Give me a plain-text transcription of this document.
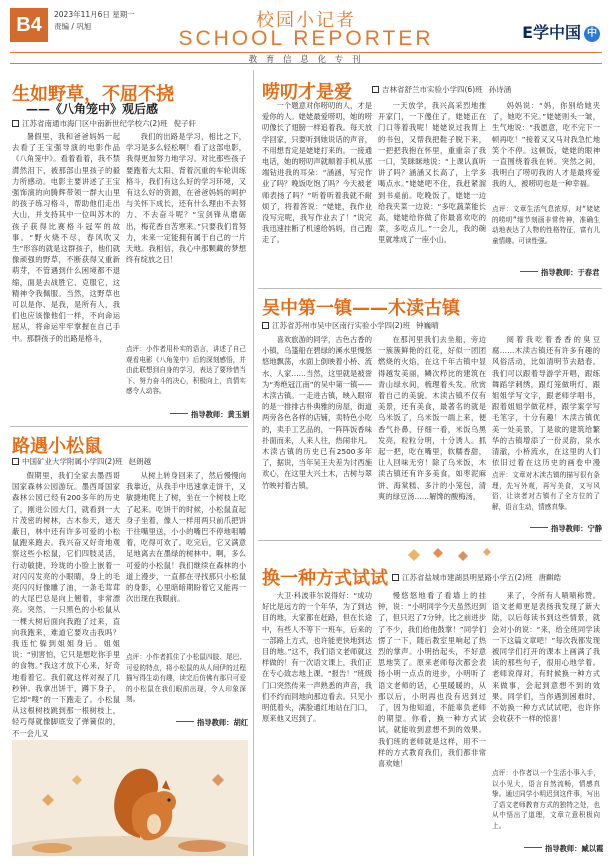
B4	2023年11月6日 星期一
责编 / 巩旭	校园小记者
SCHOOL REPORTER	E学中国 中
教 育 信 息 化 专 刊
生如野草，不屈不挠
——《八角笼中》观后感
江苏省南通市海门区中南新世纪学校六(2)班 倪子轩

暑假里，我和爸爸妈妈一起去看了王宝强导演的电影作品《八角笼中》。看着看着，我不禁潸然泪下，被那部山里孩子的毅力所感动。电影主要讲述了王宝强饰演的向腾辉带领一群大山里的孩子练习格斗，帮助他们走出大山，并支持其中一位叫苏木的孩子获得比赛格斗冠军的故事。“野火烧不尽，春风吹又生”形容的就是这群孩子，他们就像顽强的野草，不断获得又重新萌芽，不管遇到什么困境都不退缩，面是去战胜它、克服它，这精神令我佩服。当然，这野草也可以是你、是我，是所有人，我们也应该像他们一样，不向命运屈从，将命运牢牢掌握在自己手中。那群孩子的出路是格斗，

我们的出路是学习，相比之下，学习是多么轻松啊！看了这部电影，我得更加努力地学习。对比那些孩子要跑着大太阳、背着沉重的车轮训练格斗，我们有这么好的学习环境，又有这么好的资源，在爸爸妈妈的呵护与关怀下成长，还有什么理由不去努力、不去奋斗呢？“宝剑锋从磨砺出，梅花香自苦寒来。”只要我们肯努力，未来一定能拥有属于自己的一片天地。我相信，我心中那颗藏的梦想终有绽放之日！

点评：小作者用朴实的语言，讲述了自己观看电影《八角笼中》后的深刻感悟，并由此联想到自身的学习，表达了要珍惜当下、努力奋斗的决心，积极向上，真情实感令人动容。

指导教师：黄玉娟
路遇小松鼠
中国矿业大学附属小学四(2)班 赵朗越

假期里，我们全家去墨西哥国家森林公园游玩。墨西哥国家森林公园已经有200多年的历史了，刚进公园大门，就看到一大片茂密的树林，古木参天，遮天蔽日，林中还有许多可爱的小松鼠跑来跑去。我兴奋又好奇地观察这些小松鼠，它们四肢灵活，行动敏捷，玲珑的小脸上嵌着一对闪闪发亮的小眼睛，身上的毛亮闪闪好像雕了油，一条毛茸茸的大尾巴总是向上翘着，非常漂亮。突然，一只黑色的小松鼠从一棵大树后面向我跑了过来，直向我跑来，难道它要攻击我吗？我连忙躲到姐姐身后。姐姐说：“别害怕，它只是想吃你手里的食物。”我这才放下心来，好奇地看着它。我们就这样对视了几秒钟。我拿出饼干，蹲下身子，它却“嗖”的一下跑走了。小松鼠从这根树枝跳到那一根树枝上，轻巧得就像脚底安了弹簧似的，不一会儿又

从树上转身回来了，然后慢慢向我靠近，从我手中迅速拿走饼干，又敏捷地爬上了树，坐在一个树枝上吃了起来。吃饼干的时候，小松鼠直起身子坐着，像人一样用两只前爪把饼干往嘴里送，小小的嘴巴不停地咀嚼着，吃得可欢了。吃完后，它又满意足地离去在墨绿的树林中。啊，多么可爱的小松鼠！我们继续在森林的小道上漫步，一直都在寻找那只小松鼠的身影，心里暗暗期盼着它又能再一次出现在我眼前。

点评：小作者抓住了小松鼠四肢、尾巴、可爱的特点，将小松鼠的从人间伊的过程描写得生动有趣，读完后仿佛有那只可爱的小松鼠在我们眼前出现，令人印象深刻。

指导教师：胡红
唠叨才是爱	吉林省舒兰市实验小学四(6)班 孙诗涵

一个题意对你唠叨的人，才是爱你的人。姥姥最爱唠叨，她的唠叨像长了翅膀一样追着我。每天放学回家，只要听到她说话的声音，不用想肯定是姥姥打来的。一接通电话，她的唠叨声就顺着手机从那端钻进我的耳朵：“涵涵，写完作业了吗？晚饭吃饱了吗？今天被老师表扬了吗？”听着听着我就不耐烦了，将着答说：“姥姥，我作业没写完呢，我写作业去了！”说完我迅速挂断了机速给妈妈，自己跑走了。

一天放学，我兴高采烈地推开家门，一下傻住了，姥姥正在门口等着我呢！姥姥说过我胃上的书包，又帮我把鞋子脱下来，一把把我抱在怀里，重重亲了我一口，笑眯眯地说：“上课认真听讲了吗？涵涵又长高了，上学多喝点水。”姥姥吧不住，我赶紧溜到书桌前。吃晚饭了，姥姥一边给我夹菜一边说：“多吃蔬菜能长高，姥姥给你做了你最喜欢吃的菜，多吃点儿。”一会儿，我的碗里就堆成了一座小山。

妈妈说：“妈，你别给她夹了，她吃不完。”姥姥则头一皱，生气地说：“我愿意，吃不完下一顿再吃！”接着又又马对我急忙地笑个不停。这顿饭，姥姥的眼神一直围绕着我在转。突然之间，我明白了唠叨我的人才是最疼爱我的人，被唠叨也是一种幸福。

点评：文章生活气息浓厚，对“姥姥的唠叨”细节刻画非常传神，准确生动地表达了人物的性格特征，富有儿童情趣。可读性强。

指导教师：于春君
吴中第一镇——木渎古镇
江苏省苏州市吴中区南行实验小学四(2)班 钟巍晴

喜欢旅游的同学，古色古香的小镇，乌篷船在碧绿的溪水里慢悠悠地飘荡，水面上倒映着小桥、流水、人家……当然，这里就是被誉为“秀绝冠江南”的吴中第一镇——木渎古镇。一走进古镇，映入眼帘的是一排排古朴典雅的房屋，街道两旁各色各样的店铺，卖特色小吃的，卖手工艺品的，一阵阵饭香味扑面而来，人来人往，热闹非凡。木渎古镇的历史已有2500多年了，据说，当年吴王夫差为讨西施欢心，在这里大兴土木，古树与翠竹映衬着古镇，

在那河里我们去坐船，旁边一簇簇鲜艳的红花，好似一团团燃烧的火焰，在这千年古镇中显得越发美丽，鳞次栉比的建筑在青山绿水间，梳理着头发。欣赏着自己的美貌。木渎古镇不仅有美景，还有美食，最著名的就是乌米饭了，乌米饭一端上来，便香气扑鼻，仔细一看，米饭乌黑发亮，粒粒分明，十分诱人。抓起一把，吃在嘴里，软糯香甜，让人回味无穷！除了乌米饭，木渎古镇还有许多美食，如枣泥麻饼、海棠糕、多汁的小笼包，清爽的绿豆汤……解馋的酸梅汤，

阅着我吃着香香的臭豆腐……木渎古镇还有许多有趣的风俗活动，比如清明节去踏春。我们可以跟着导游学开唱，跟练舞蹈学刺绣，跟灯笼做明灯，跟姐姐学写文字，跟老师学唱书，跟着姐姐学做花样，跟学案学写毛笔字，十分有趣！木渎古镇优美一处美景，丁是欲的建筑给繁华的古镇增添了一份灵韵，泉水清澈，小桥流水，在这里的人们依旧过着在这历史的画卷中漫

点评：文章对木渎古镇的描写很有条理，先写外观，再写美食，又写风俗，让读者对古镇有了全方位的了解，语言生动，情感真挚。

指导教师：宁静
换一种方式试试	江苏省盐城市建湖县明星路小学五(2)班 唐麒皓

大卫·科波菲尔说得好：“成功好比是远方的一个年华，为了到达目的地，大家都在赶路，但在长途中，有些人不等下一班车，后来的一部路上方式，也许能更快地到达目的地。”这不，我们语文老师就这样做的！有一次语文课上，我们正在专心致志地上课。“报告！”班级门口突然传来一声熟悉的声音，我们不约而同地向那边看去。只见小明低着头，满脸通红地站在门口，原来他又迟到了。

慢悠悠地看了看墙上的挂钟，说：“小明同学今天虽然迟到了，但只迟了7分钟，比之前进步了不少，我们给他鼓掌！”同学们愣了一下，随后教室里响起了热烈的掌声。小明抬起头，不好意思地笑了。原来老师每次都会表扬小明一点点的进步，小明听了语文老师的话，心里暖暖的，从那以后，小明再也没有迟到过了，因为他知道，不能辜负老师的期望。你看，换一种方式试试，就能收到意想不到的效果。我们班的老师就是这样，用不一样的方式教育我们，我们都非常喜欢她！

来了，令所有人啧啧称赞。语文老师更是表扬我发现了新大陆，以后每读书到这些情景，就会对小的说：“来，给全班同学读一下这篇文章吧！”每次我都发现被同学们打开的课本上画满了我读的那些句子，很用心地学着。老师说得对，有时候换一种方式来做事，会起到意想不到的效果。同学们，当你遇到困难时，不妨换一种方式试试吧，也许你会收获不一样的惊喜！

点评：小作者以一个生活小事入手，以小见大，语言自然流畅，情感真挚。通过同学小明迟到这件事，写出了语文老师教育方式的独特之处，也从中悟出了道理，文章立意积极向上。

指导教师：臧以霞
